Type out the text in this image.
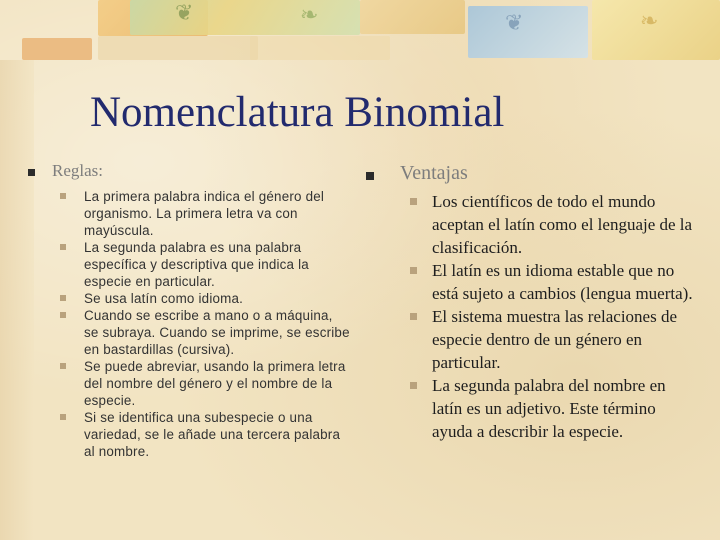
❦	❧	❦	❧
Nomenclatura Binomial
Reglas:
La primera palabra indica el género del organismo. La primera letra va con mayúscula.
La segunda palabra es una palabra específica y descriptiva que indica la especie en particular.
Se usa latín como idioma.
Cuando se escribe a mano o a máquina, se subraya. Cuando se imprime, se escribe en bastardillas (cursiva).
Se puede abreviar, usando la primera letra del nombre del género y el nombre de la especie.
Si se identifica una subespecie o una variedad, se le añade una tercera palabra al nombre.
Ventajas
Los científicos de todo el mundo aceptan el latín como el lenguaje de la clasificación.
El latín es un idioma estable que no está sujeto a cambios (lengua muerta).
El sistema muestra las relaciones de especie dentro de un género en particular.
La segunda palabra del nombre en latín es un adjetivo. Este término ayuda a describir la especie.
